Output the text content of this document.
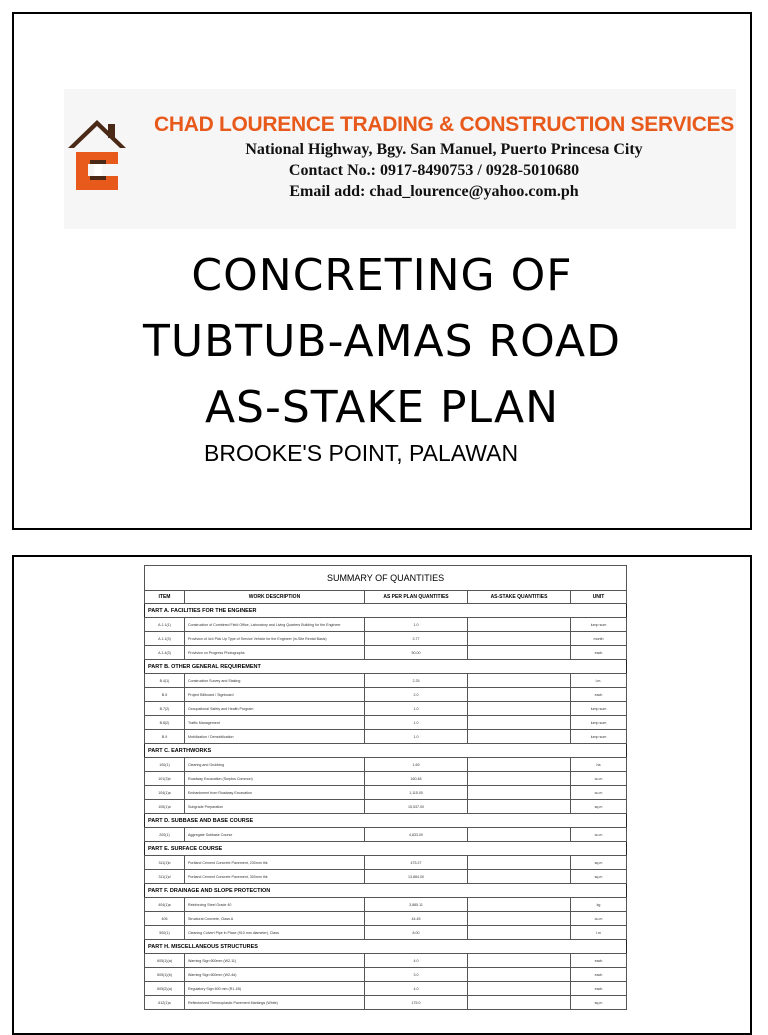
CHAD LOURENCE TRADING & CONSTRUCTION SERVICES
National Highway, Bgy. San Manuel, Puerto Princesa City
Contact No.: 0917-8490753 / 0928-5010680
Email add: chad_lourence@yahoo.com.ph
CONCRETING OF
TUBTUB-AMAS ROAD
AS-STAKE PLAN
BROOKE'S POINT, PALAWAN
SUMMARY OF QUANTITIES				
ITEM	WORK DESCRIPTION	AS PER PLAN QUANTITIES	AS-STAKE QUANTITIES	UNIT
PART A. FACILITIES FOR THE ENGINEER				
A.1.1(1)	Construction of Combined Field Office, Laboratory and Living Quarters Building for the Engineer	1.0		lump sum
A.1.1(3)	Provision of 4x4 Pick Up Type of Service Vehicle for the Engineer (in-Site Rental Basis)	3.77		month
A.1.4(3)	Provision on Progress Photographs	50.00		each
PART B. OTHER GENERAL REQUIREMENT				
B.4(1)	Construction Survey and Staking	2.25		l.m.
B.5	Project Billboard / Signboard	2.0		each
B.7(2)	Occupational Safety and Health Program	1.0		lump sum
B.8(2)	Traffic Management	1.0		lump sum
B.9	Mobilization / Demobilization	1.0		lump sum
PART C. EARTHWORKS				
100(1)	Clearing and Grubbing	1.69		ha
101(3)b	Roadway Excavation (Surplus Common)	160.48		cu.m
104(1)a	Embankment from Roadway Excavation	1,115.00		cu.m
105(1)a	Subgrade Preparation	15,537.00		sq.m
PART D. SUBBASE AND BASE COURSE				
200(1)	Aggregate Subbase Course	4,833.00		cu.m
PART E. SURFACE COURSE				
311(1)b	Portland Cement Concrete Pavement, 230mm thk	475.27		sq.m
311(1)d	Portland Cement Concrete Pavement, 300mm thk	13,884.00		sq.m
PART F. DRAINAGE AND SLOPE PROTECTION				
404(1)a	Reinforcing Steel Grade 40	3,885.11		kg
405	Structural Concrete, Class A	44.45		cu.m
500(1)	Cleaning Culvert Pipe in Place (910 mm diameter), Class	8.00		l.m
PART H. MISCELLANEOUS STRUCTURES				
605(1)(a)	Warning Sign 600mm (W2-11)	4.0		each
605(1)(b)	Warning Sign 600mm (W2-4d)	3.0		each
605(2)(a)	Regulatory Sign 600 mm (R1-1B)	4.0		each
612(1)a	Reflectorized Thermoplastic Pavement Markings (White)	175.0		sq.m
